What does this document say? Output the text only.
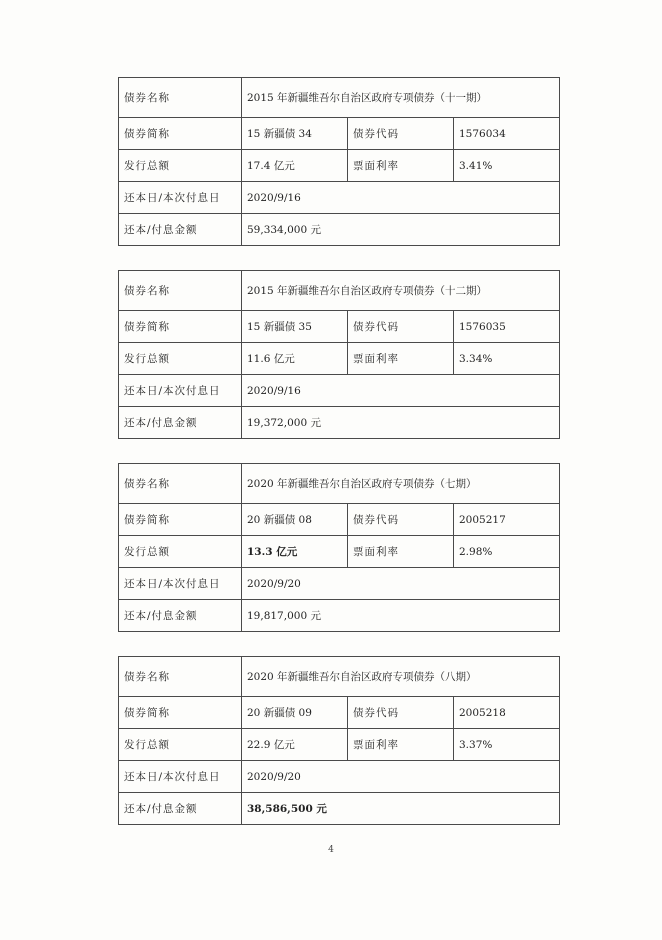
债券名称	2015 年新疆维吾尔自治区政府专项债券（十一期）		
债券简称	15 新疆债 34	债券代码	1576034
发行总额	17.4 亿元	票面利率	3.41%
还本日/本次付息日	2020/9/16		
还本/付息金额	59,334,000 元		
债券名称	2015 年新疆维吾尔自治区政府专项债券（十二期）		
债券简称	15 新疆债 35	债券代码	1576035
发行总额	11.6 亿元	票面利率	3.34%
还本日/本次付息日	2020/9/16		
还本/付息金额	19,372,000 元		
债券名称	2020 年新疆维吾尔自治区政府专项债券（七期）		
债券简称	20 新疆债 08	债券代码	2005217
发行总额	13.3 亿元	票面利率	2.98%
还本日/本次付息日	2020/9/20		
还本/付息金额	19,817,000 元		
债券名称	2020 年新疆维吾尔自治区政府专项债券（八期）		
债券简称	20 新疆债 09	债券代码	2005218
发行总额	22.9 亿元	票面利率	3.37%
还本日/本次付息日	2020/9/20		
还本/付息金额	38,586,500 元		
4
